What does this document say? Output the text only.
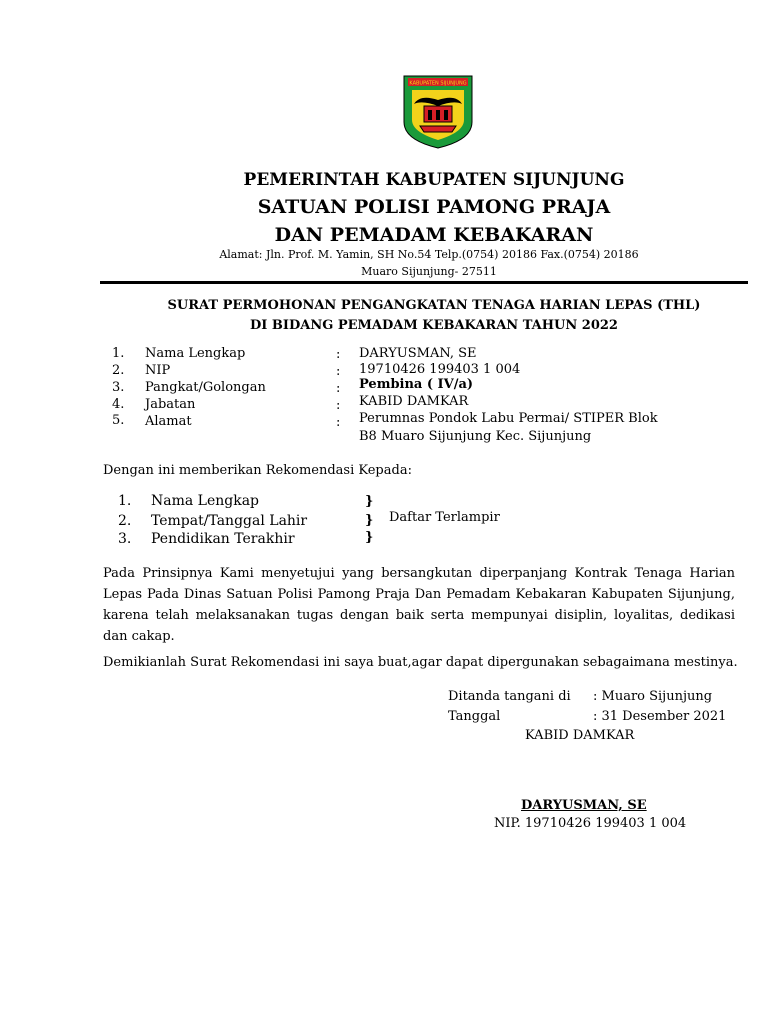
KABUPATEN SIJUNJUNG
PEMERINTAH KABUPATEN SIJUNJUNG
SATUAN POLISI PAMONG PRAJA
DAN PEMADAM KEBAKARAN
Alamat: Jln. Prof. M. Yamin, SH No.54 Telp.(0754) 20186 Fax.(0754) 20186
Muaro Sijunjung- 27511
SURAT PERMOHONAN PENGANGKATAN TENAGA HARIAN LEPAS (THL)
DI BIDANG PEMADAM KEBAKARAN TAHUN 2022
1. Nama Lengkap	: DARYUSMAN, SE
2. NIP	: 19710426 199403 1 004
3. Pangkat/Golongan	: Pembina ( IV/a)
4. Jabatan	: KABID DAMKAR
5. Alamat	: Perumnas Pondok Labu Permai/ STIPER Blok
B8 Muaro Sijunjung Kec. Sijunjung
Dengan ini memberikan Rekomendasi Kepada:
1. Nama Lengkap	}
2. Tempat/Tanggal Lahir	}
3. Pendidikan Terakhir	}
Daftar Terlampir
Pada Prinsipnya Kami menyetujui yang bersangkutan diperpanjang Kontrak Tenaga Harian Lepas Pada Dinas Satuan Polisi Pamong Praja Dan Pemadam Kebakaran Kabupaten Sijunjung, karena telah melaksanakan tugas dengan baik serta mempunyai disiplin, loyalitas, dedikasi dan cakap.
Demikianlah Surat Rekomendasi ini saya buat,agar dapat dipergunakan sebagaimana mestinya.
Ditanda tangani di : Muaro Sijunjung
Tanggal	: 31 Desember 2021
KABID DAMKAR
DARYUSMAN, SE
NIP. 19710426 199403 1 004
